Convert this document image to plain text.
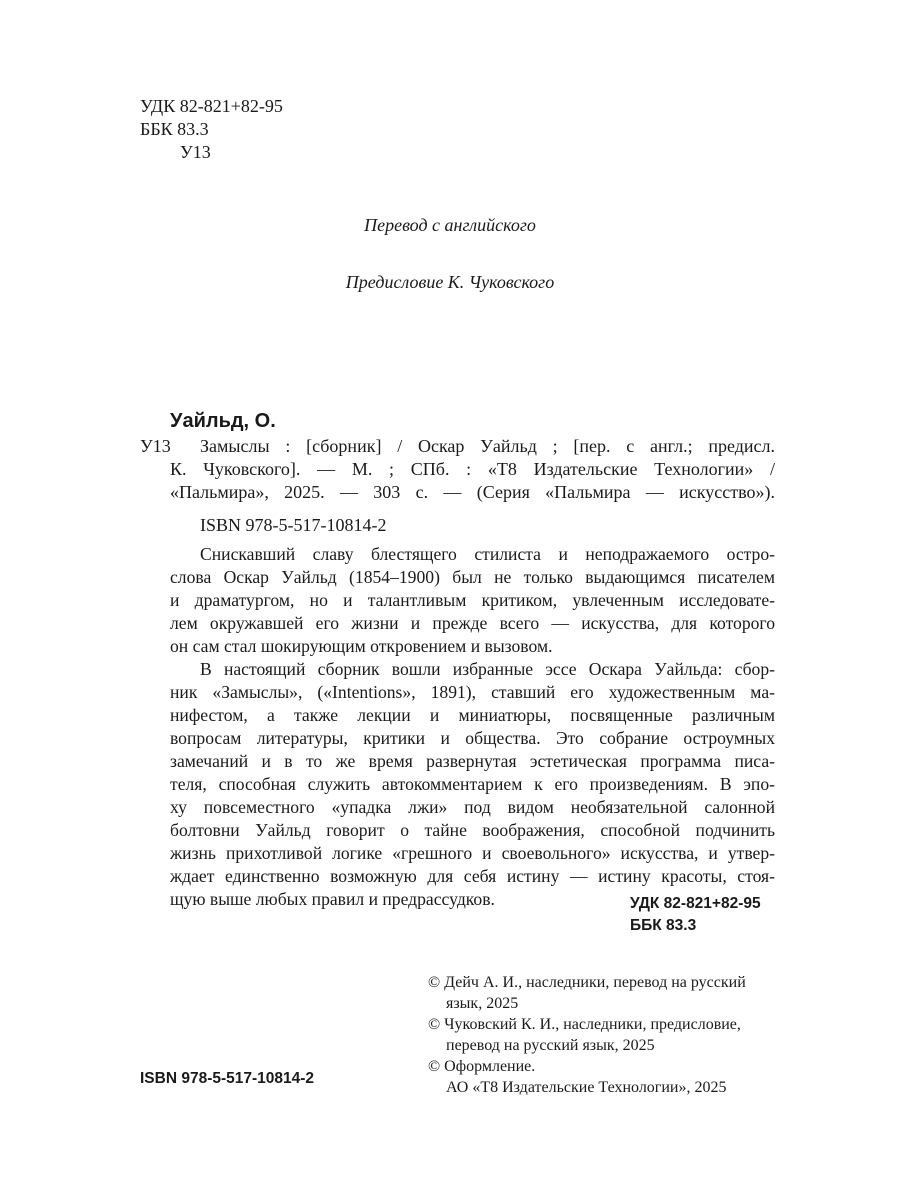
УДК 82-821+82-95
ББК 83.3
У13
Перевод с английского
Предисловие К. Чуковского
Уайльд, О.
У13 Замыслы : [сборник] / Оскар Уайльд ; [пер. с англ.; предисл.
К. Чуковского]. — М. ; СПб. : «Т8 Издательские Технологии» /
«Пальмира», 2025. — 303 с. — (Серия «Пальмира — искусство»).
ISBN 978-5-517-10814-2
Снискавший славу блестящего стилиста и неподражаемого остро-
слова Оскар Уайльд (1854–1900) был не только выдающимся писателем
и драматургом, но и талантливым критиком, увлеченным исследовате-
лем окружавшей его жизни и прежде всего — искусства, для которого
он сам стал шокирующим откровением и вызовом.
В настоящий сборник вошли избранные эссе Оскара Уайльда: сбор-
ник «Замыслы», («Intentions», 1891), ставший его художественным ма-
нифестом, а также лекции и миниатюры, посвященные различным
вопросам литературы, критики и общества. Это собрание остроумных
замечаний и в то же время развернутая эстетическая программа писа-
теля, способная служить автокомментарием к его произведениям. В эпо-
ху повсеместного «упадка лжи» под видом необязательной салонной
болтовни Уайльд говорит о тайне воображения, способной подчинить
жизнь прихотливой логике «грешного и своевольного» искусства, и утвер-
ждает единственно возможную для себя истину — истину красоты, стоя-
щую выше любых правил и предрассудков.	УДК 82-821+82-95
ББК 83.3
© Дейч А. И., наследники, перевод на русский
язык, 2025
© Чуковский К. И., наследники, предисловие,
перевод на русский язык, 2025
© Оформление.
АО «Т8 Издательские Технологии», 2025
ISBN 978-5-517-10814-2
